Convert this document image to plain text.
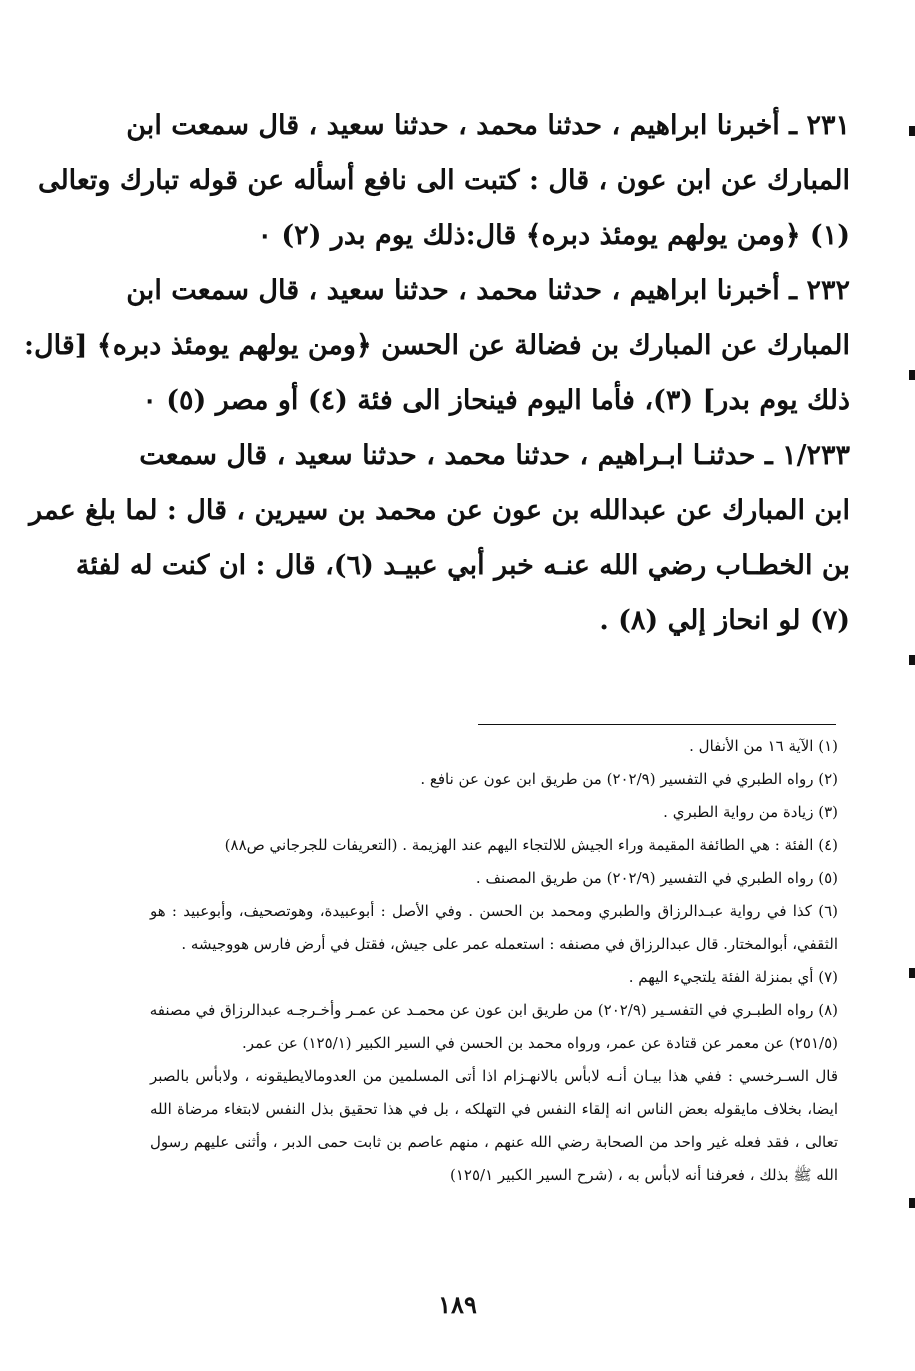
٢٣١ ـ أخبرنا ابراهيم ، حدثنا محمد ، حدثنا سعيد ، قال سمعت ابن
المبارك عن ابن عون ، قال : كتبت الى نافع أسأله عن قوله تبارك وتعالى
(١) ﴿ومن يولهم يومئذ دبره﴾ قال:ذلك يوم بدر (٢) ٠
٢٣٢ ـ أخبرنا ابراهيم ، حدثنا محمد ، حدثنا سعيد ، قال سمعت ابن
المبارك عن المبارك بن فضالة عن الحسن ﴿ومن يولهم يومئذ دبره﴾ [قال:
ذلك يوم بدر] (٣)، فأما اليوم فينحاز الى فئة (٤) أو مصر (٥) ٠
١/٢٣٣ ـ حدثنـا ابـراهيم ، حدثنا محمد ، حدثنا سعيد ، قال سمعت
ابن المبارك عن عبدالله بن عون عن محمد بن سيرين ، قال : لما بلغ عمر
بن الخطـاب رضي الله عنـه خبر أبي عبيـد (٦)، قال : ان كنت له لفئة
(٧) لو انحاز إلي (٨) .
(١) الآية ١٦ من الأنفال .
(٢) رواه الطبري في التفسير (٢٠٢/٩) من طريق ابن عون عن نافع .
(٣) زيادة من رواية الطبري .
(٤) الفئة : هي الطائفة المقيمة وراء الجيش للالتجاء اليهم عند الهزيمة . (التعريفات للجرجاني ص٨٨)
(٥) رواه الطبري في التفسير (٢٠٢/٩) من طريق المصنف .
(٦) كذا في رواية عبـدالرزاق والطبري ومحمد بن الحسن . وفي الأصل : أبوعبيدة، وهوتصحيف، وأبوعبيد : هو
الثقفي، أبوالمختار. قال عبدالرزاق في مصنفه : استعمله عمر على جيش، فقتل في أرض فارس هووجيشه .
(٧) أي بمنزلة الفئة يلتجيء اليهم .
(٨) رواه الطبـري في التفسـير (٢٠٢/٩) من طريق ابن عون عن محمـد عن عمـر وأخـرجـه عبدالرزاق في مصنفه
(٢٥١/٥) عن معمر عن قتادة عن عمر، ورواه محمد بن الحسن في السير الكبير (١٢٥/١) عن عمر.
قال السـرخسي : ففي هذا بيـان أنـه لابأس بالانهـزام اذا أتى المسلمين من العدومالايطيقونه ، ولابأس بالصبر
ايضا، بخلاف مايقوله بعض الناس انه إلقاء النفس في التهلكه ، بل في هذا تحقيق بذل النفس لابتغاء مرضاة الله
تعالى ، فقد فعله غير واحد من الصحابة رضي الله عنهم ، منهم عاصم بن ثابت حمى الدبر ، وأثنى عليهم رسول
الله ﷺ بذلك ، فعرفنا أنه لابأس به ، (شرح السير الكبير ١٢٥/١)
١٨٩
